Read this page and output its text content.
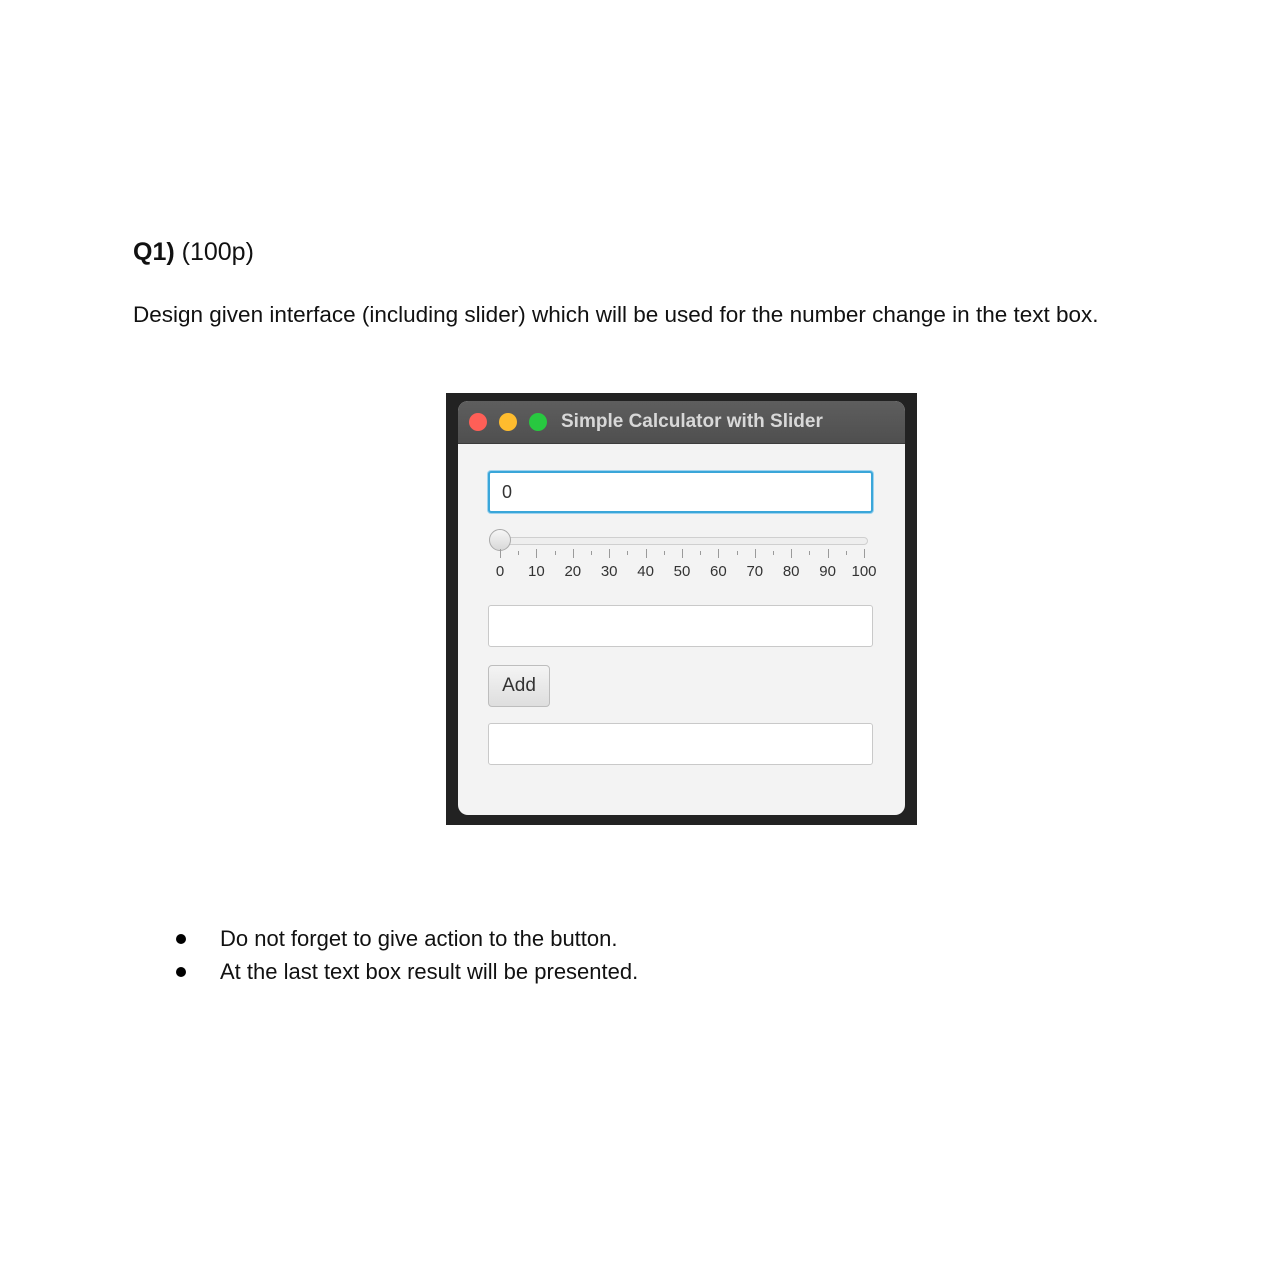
Q1) (100p)
Design given interface (including slider) which will be used for the number change in the text box.
Simple Calculator with Slider
0
0 10 20 30 40 50 60 70 80 90 100
Add
Do not forget to give action to the button.
At the last text box result will be presented.
